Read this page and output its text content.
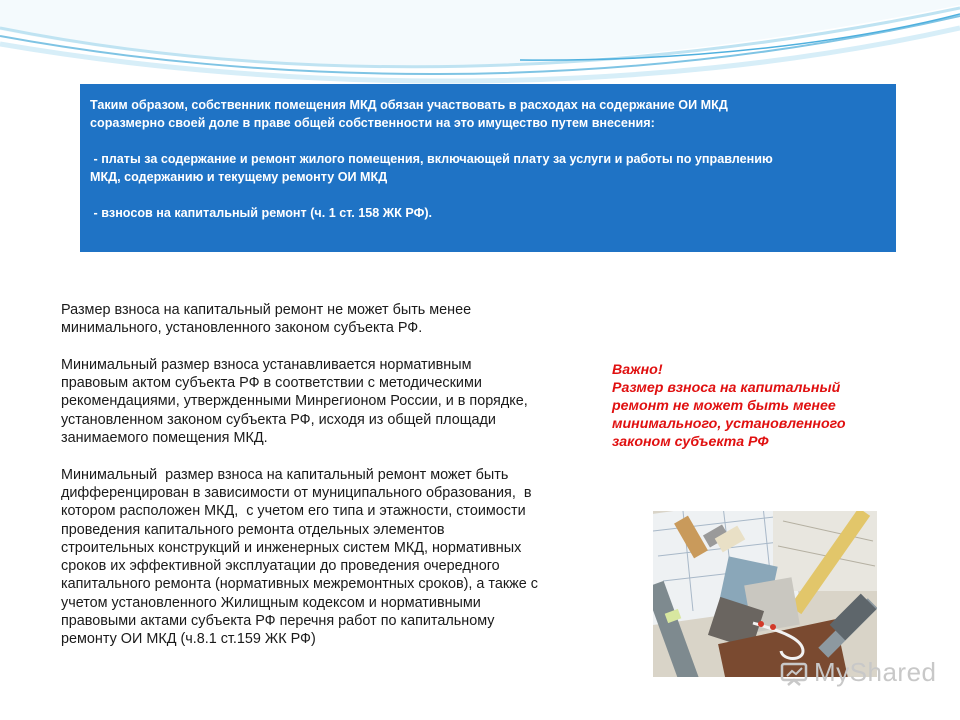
Таким образом, собственник помещения МКД обязан участвовать в расходах на содержание ОИ МКД

соразмерно своей доле в праве общей собственности на это имущество путем внесения:

- платы за содержание и ремонт жилого помещения, включающей плату за услуги и работы по управлению

МКД, содержанию и текущему ремонту ОИ МКД

- взносов на капитальный ремонт (ч. 1 ст. 158 ЖК РФ).

Размер взноса на капитальный ремонт не может быть менее

минимального, установленного законом субъекта РФ.

Минимальный размер взноса устанавливается нормативным

правовым актом субъекта РФ в соответствии с методическими

рекомендациями, утвержденными Минрегионом России, и в порядке,

установленном законом субъекта РФ, исходя из общей площади

занимаемого помещения МКД.

Минимальный  размер взноса на капитальный ремонт может быть

дифференцирован в зависимости от муниципального образования,  в

котором расположен МКД,  с учетом его типа и этажности, стоимости

проведения капитального ремонта отдельных элементов

строительных конструкций и инженерных систем МКД, нормативных

сроков их эффективной эксплуатации до проведения очередного

капитального ремонта (нормативных межремонтных сроков), а также с

учетом установленного Жилищным кодексом и нормативными

правовыми актами субъекта РФ перечня работ по капитальному

ремонту ОИ МКД (ч.8.1 ст.159 ЖК РФ)

Важно!
Размер взноса на капитальный
ремонт не может быть менее
минимального, установленного
законом субъекта РФ
MyShared
